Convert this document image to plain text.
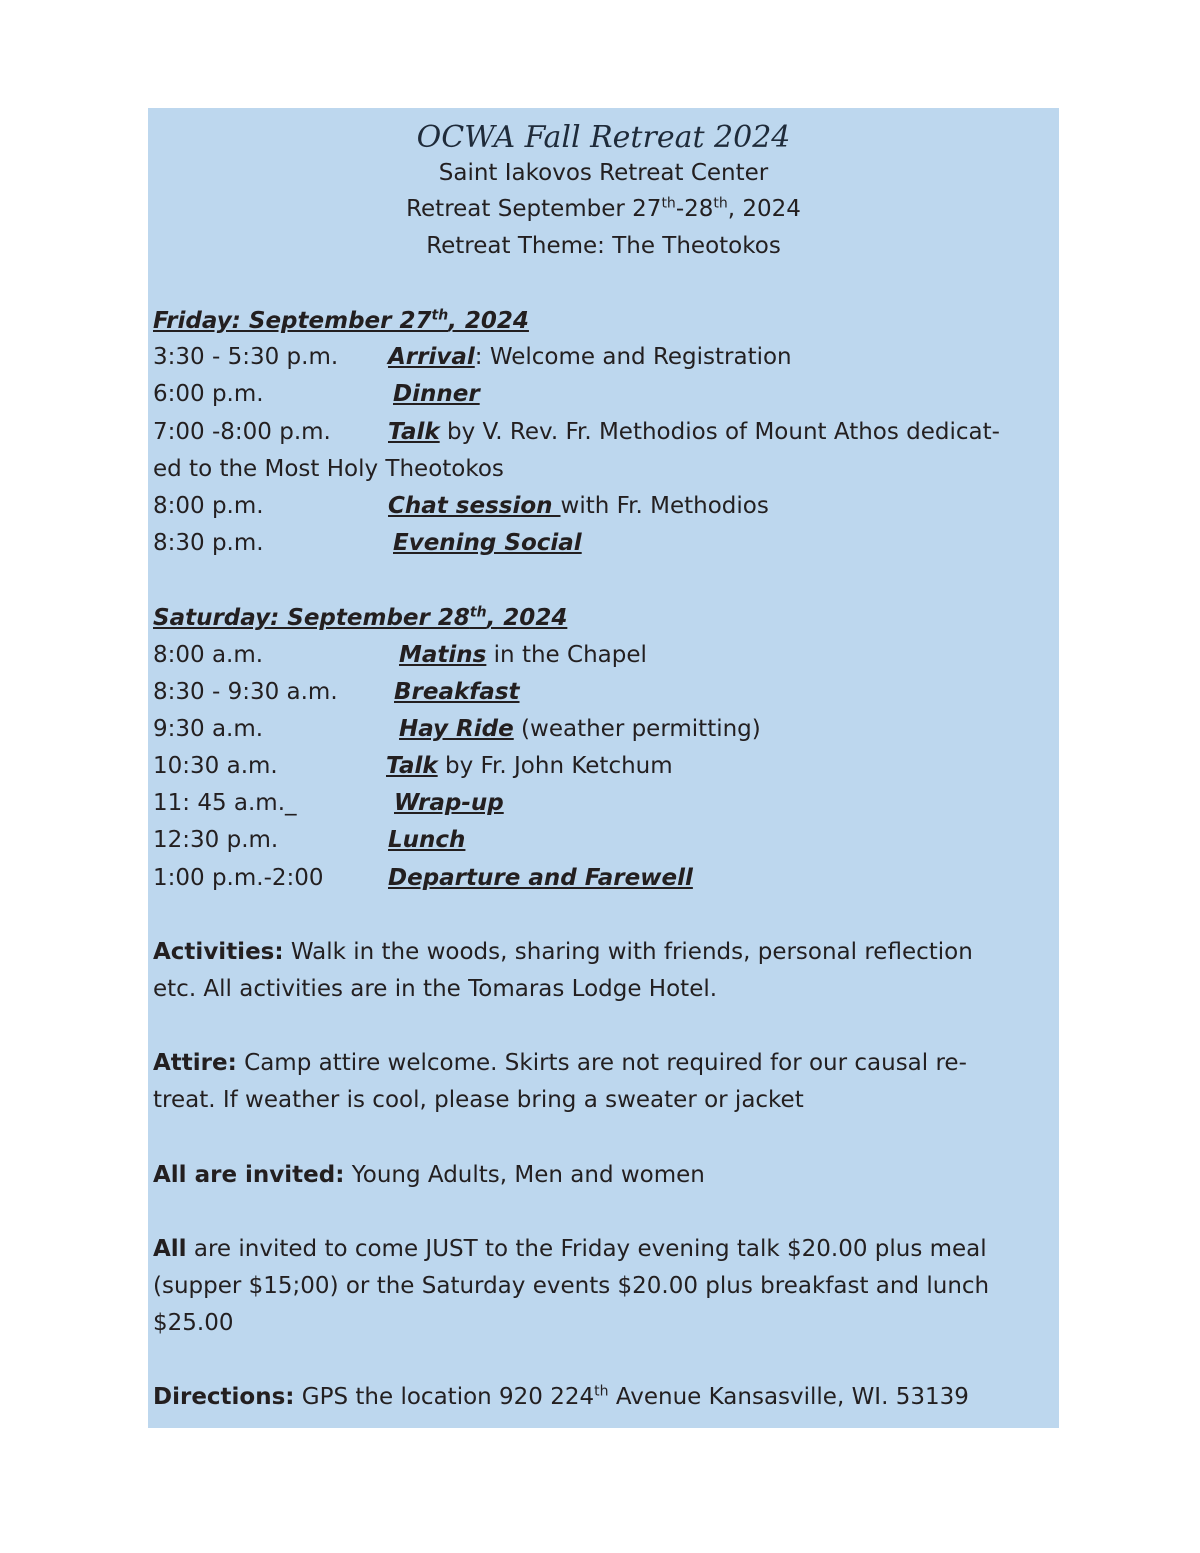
OCWA Fall Retreat 2024
Saint Iakovos Retreat Center
Retreat September 27th-28th, 2024
Retreat Theme: The Theotokos
Friday: September 27th, 2024
3:30 - 5:30 p.m. Arrival: Welcome and Registration
6:00 p.m.	Dinner
7:00 -8:00 p.m. Talk by V. Rev. Fr. Methodios of Mount Athos dedicat-
ed to the Most Holy Theotokos
8:00 p.m.	Chat session with Fr. Methodios
8:30 p.m.	Evening Social
Saturday: September 28th, 2024
8:00 a.m.	Matins in the Chapel
8:30 - 9:30 a.m. Breakfast
9:30 a.m.	Hay Ride (weather permitting)
10:30 a.m.	Talk by Fr. John Ketchum
11: 45 a.m._	Wrap-up
12:30 p.m.	Lunch
1:00 p.m.-2:00	Departure and Farewell
Activities: Walk in the woods, sharing with friends, personal reflection
etc. All activities are in the Tomaras Lodge Hotel.
Attire: Camp attire welcome. Skirts are not required for our causal re-
treat. If weather is cool, please bring a sweater or jacket
All are invited: Young Adults, Men and women
All are invited to come JUST to the Friday evening talk $20.00 plus meal
(supper $15;00) or the Saturday events $20.00 plus breakfast and lunch
$25.00
Directions: GPS the location 920 224th Avenue Kansasville, WI. 53139
